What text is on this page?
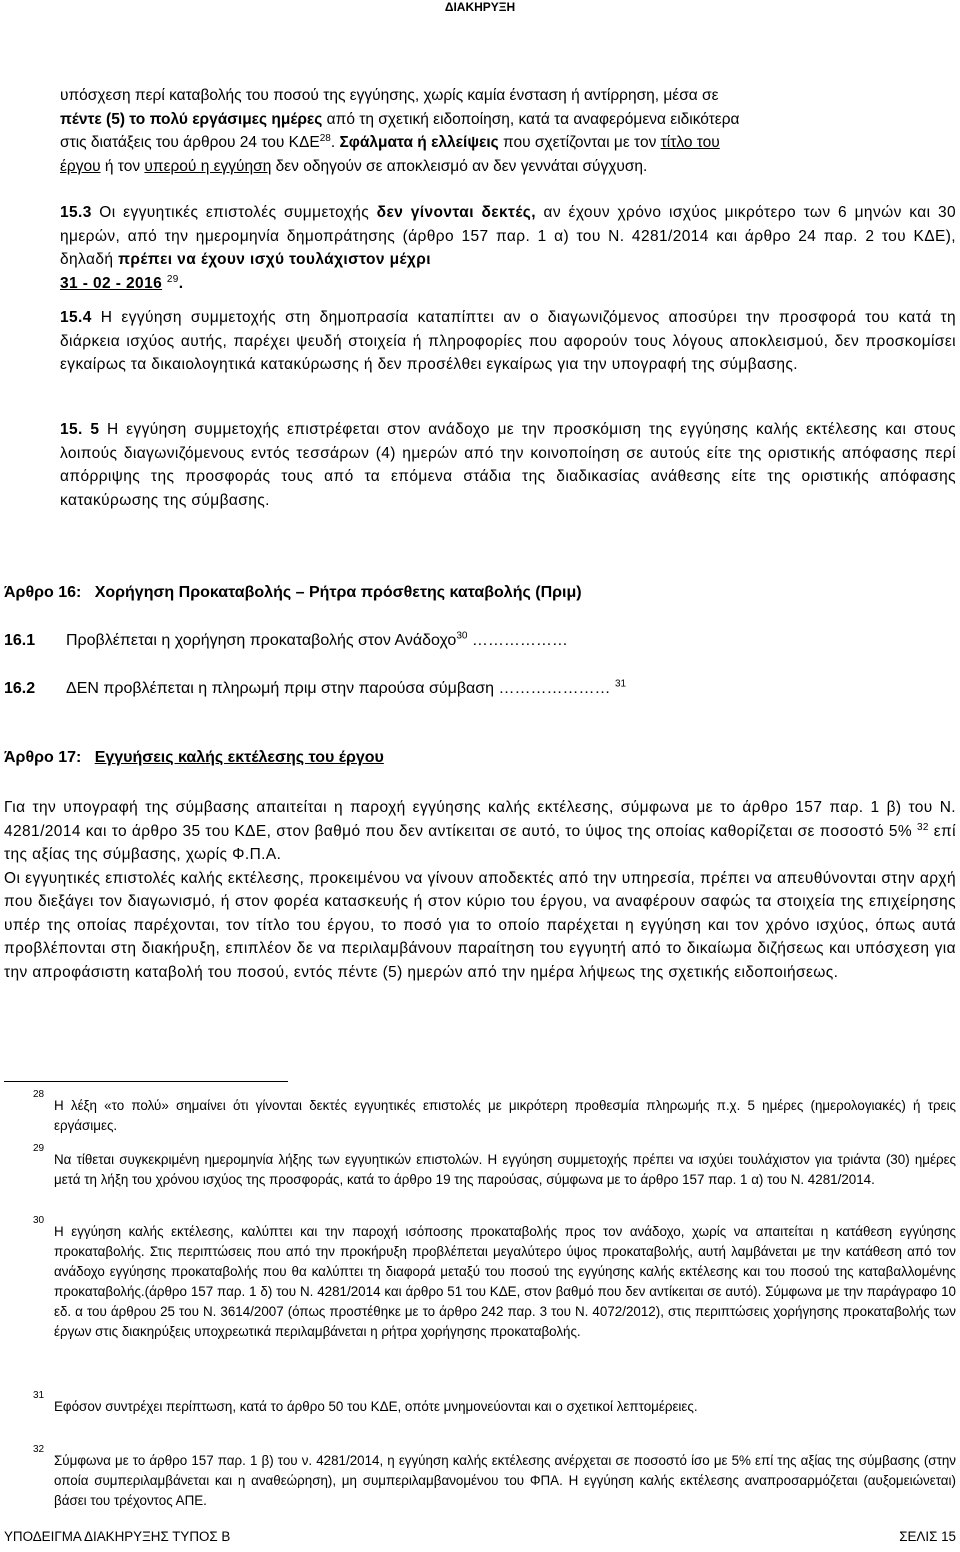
ΔΙΑΚΗΡΥΞΗ
υπόσχεση περί καταβολής του ποσού της εγγύησης, χωρίς καμία ένσταση ή αντίρρηση, μέσα σε
πέντε (5) το πολύ εργάσιμες ημέρες από τη σχετική ειδοποίηση, κατά τα αναφερόμενα ειδικότερα
στις διατάξεις του άρθρου 24 του ΚΔΕ$^{28}$. Σφάλματα ή ελλείψεις που σχετίζονται με τον τίτλο του
έργου ή τον υπερού η εγγύηση δεν οδηγούν σε αποκλεισμό αν δεν γεννάται σύγχυση.
15.3 Οι εγγυητικές επιστολές συμμετοχής δεν γίνονται δεκτές, αν έχουν χρόνο ισχύος μικρότερο των 6 μηνών και 30 ημερών, από την ημερομηνία δημοπράτησης (άρθρο 157 παρ. 1 α) του Ν. 4281/2014 και άρθρο 24 παρ. 2 του ΚΔΕ), δηλαδή πρέπει να έχουν ισχύ τουλάχιστον μέχρι
31 - 02 - 2016 $^{29}$.
15.4 Η εγγύηση συμμετοχής στη δημοπρασία καταπίπτει αν ο διαγωνιζόμενος αποσύρει την προσφορά του κατά τη διάρκεια ισχύος αυτής, παρέχει ψευδή στοιχεία ή πληροφορίες που αφορούν τους λόγους αποκλεισμού, δεν προσκομίσει εγκαίρως τα δικαιολογητικά κατακύρωσης ή δεν προσέλθει εγκαίρως για την υπογραφή της σύμβασης.
15. 5 Η εγγύηση συμμετοχής επιστρέφεται στον ανάδοχο με την προσκόμιση της εγγύησης καλής εκτέλεσης και στους λοιπούς διαγωνιζόμενους εντός τεσσάρων (4) ημερών από την κοινοποίηση σε αυτούς είτε της οριστικής απόφασης περί απόρριψης της προσφοράς τους από τα επόμενα στάδια της διαδικασίας ανάθεσης είτε της οριστικής απόφασης κατακύρωσης της σύμβασης.
Άρθρο 16: Χορήγηση Προκαταβολής – Ρήτρα πρόσθετης καταβολής (Πριμ)
16.1 Προβλέπεται η χορήγηση προκαταβολής στον Ανάδοχο$^{30}$ ………………
16.2 ΔΕΝ προβλέπεται η πληρωμή πριμ στην παρούσα σύμβαση ………………… $^{31}$
Άρθρο 17: Εγγυήσεις καλής εκτέλεσης του έργου
Για την υπογραφή της σύμβασης απαιτείται η παροχή εγγύησης καλής εκτέλεσης, σύμφωνα με το άρθρο 157 παρ. 1 β) του Ν. 4281/2014 και το άρθρο 35 του ΚΔΕ, στον βαθμό που δεν αντίκειται σε αυτό, το ύψος της οποίας καθορίζεται σε ποσοστό 5% $^{32}$ επί της αξίας της σύμβασης, χωρίς Φ.Π.Α.
Οι εγγυητικές επιστολές καλής εκτέλεσης, προκειμένου να γίνουν αποδεκτές από την υπηρεσία, πρέπει να απευθύνονται στην αρχή που διεξάγει τον διαγωνισμό, ή στον φορέα κατασκευής ή στον κύριο του έργου, να αναφέρουν σαφώς τα στοιχεία της επιχείρησης υπέρ της οποίας παρέχονται, τον τίτλο του έργου, το ποσό για το οποίο παρέχεται η εγγύηση και τον χρόνο ισχύος, όπως αυτά προβλέπονται στη διακήρυξη, επιπλέον δε να περιλαμβάνουν παραίτηση του εγγυητή από το δικαίωμα διζήσεως και υπόσχεση για την απροφάσιστη καταβολή του ποσού, εντός πέντε (5) ημερών από την ημέρα λήψεως της σχετικής ειδοποιήσεως.
28
Η λέξη «το πολύ» σημαίνει ότι γίνονται δεκτές εγγυητικές επιστολές με μικρότερη προθεσμία πληρωμής π.χ. 5 ημέρες (ημερολογιακές) ή τρεις εργάσιμες.
29
Να τίθεται συγκεκριμένη ημερομηνία λήξης των εγγυητικών επιστολών. Η εγγύηση συμμετοχής πρέπει να ισχύει τουλάχιστον για τριάντα (30) ημέρες μετά τη λήξη του χρόνου ισχύος της προσφοράς, κατά το άρθρο 19 της παρούσας, σύμφωνα με το άρθρο 157 παρ. 1 α) του Ν. 4281/2014.
30
Η εγγύηση καλής εκτέλεσης, καλύπτει και την παροχή ισόποσης προκαταβολής προς τον ανάδοχο, χωρίς να απαιτείται η κατάθεση εγγύησης προκαταβολής. Στις περιπτώσεις που από την προκήρυξη προβλέπεται μεγαλύτερο ύψος προκαταβολής, αυτή λαμβάνεται με την κατάθεση από τον ανάδοχο εγγύησης προκαταβολής που θα καλύπτει τη διαφορά μεταξύ του ποσού της εγγύησης καλής εκτέλεσης και του ποσού της καταβαλλομένης προκαταβολής.(άρθρο 157 παρ. 1 δ) του Ν. 4281/2014 και άρθρο 51 του ΚΔΕ, στον βαθμό που δεν αντίκειται σε αυτό). Σύμφωνα με την παράγραφο 10 εδ. α του άρθρου 25 του Ν. 3614/2007 (όπως προστέθηκε με το άρθρο 242 παρ. 3 του Ν. 4072/2012), στις περιπτώσεις χορήγησης προκαταβολής των έργων στις διακηρύξεις υποχρεωτικά περιλαμβάνεται η ρήτρα χορήγησης προκαταβολής.
31
Εφόσον συντρέχει περίπτωση, κατά το άρθρο 50 του ΚΔΕ, οπότε μνημονεύονται και ο σχετικοί λεπτομέρειες.
32
Σύμφωνα με το άρθρο 157 παρ. 1 β) του ν. 4281/2014, η εγγύηση καλής εκτέλεσης ανέρχεται σε ποσοστό ίσο με 5% επί της αξίας της σύμβασης (στην οποία συμπεριλαμβάνεται και η αναθεώρηση), μη συμπεριλαμβανομένου του ΦΠΑ. Η εγγύηση καλής εκτέλεσης αναπροσαρμόζεται (αυξομειώνεται) βάσει του τρέχοντος ΑΠΕ.
ΥΠΟΔΕΙΓΜΑ ΔΙΑΚΗΡΥΞΗΣ ΤΥΠΟΣ Β	ΣΕΛΙΣ 15
